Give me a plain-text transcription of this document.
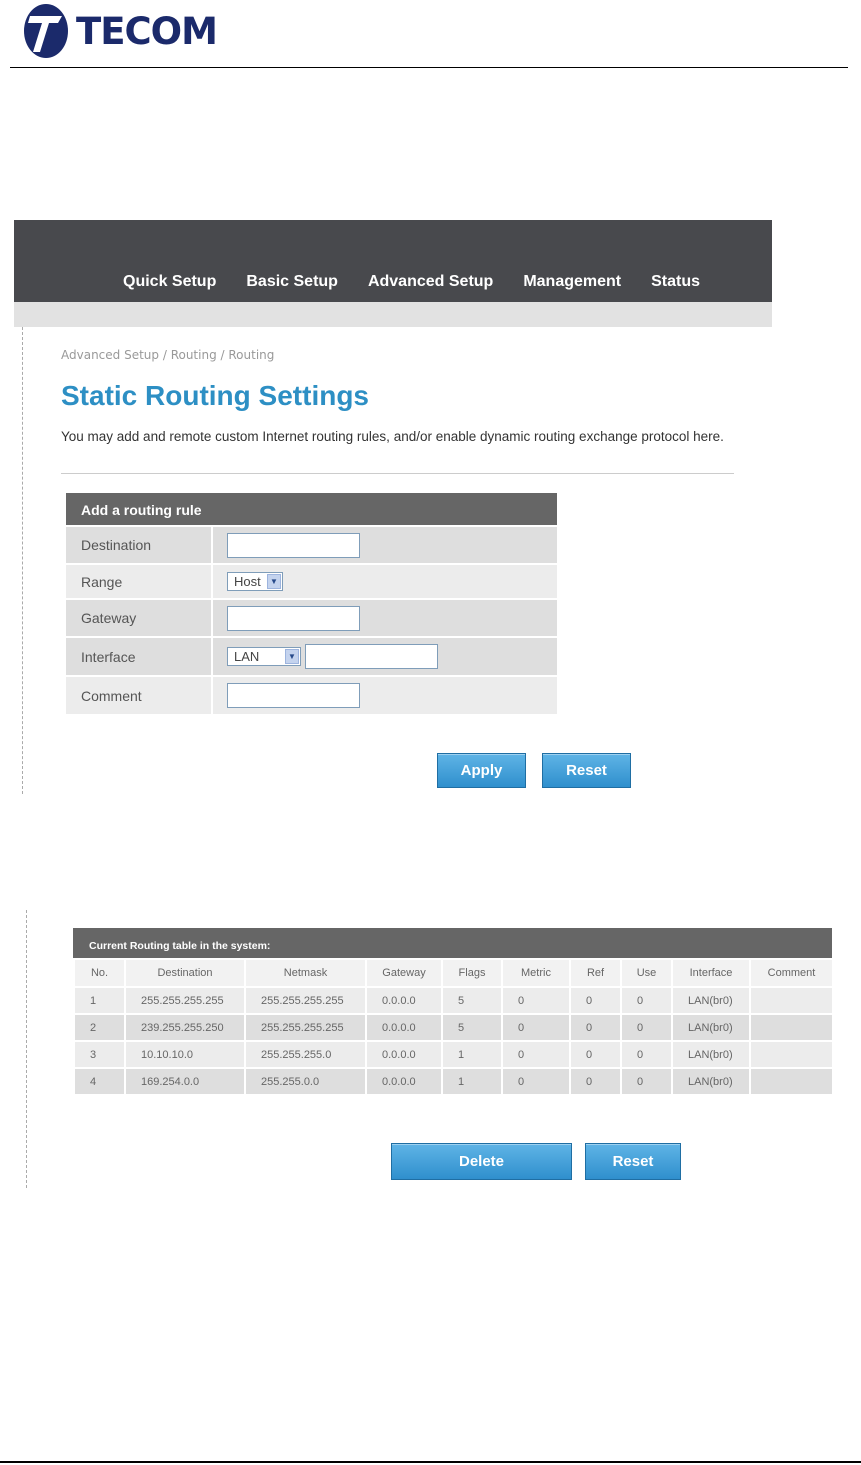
TECOM
Quick Setup Basic Setup Advanced Setup Management Status
Advanced Setup / Routing / Routing
Static Routing Settings
You may add and remote custom Internet routing rules, and/or enable dynamic routing exchange protocol here.
Add a routing rule
Destination
Range	Host	▼
Gateway
Interface	LAN	▼
Comment
Apply	Reset
Current Routing table in the system:
No.	Destination	Netmask	Gateway	Flags	Metric	Ref	Use	Interface	Comment
1	255.255.255.255	255.255.255.255	0.0.0.0	5	0	0	0	LAN(br0)	
2	239.255.255.250	255.255.255.255	0.0.0.0	5	0	0	0	LAN(br0)	
3	10.10.10.0	255.255.255.0	0.0.0.0	1	0	0	0	LAN(br0)	
4	169.254.0.0	255.255.0.0	0.0.0.0	1	0	0	0	LAN(br0)	
Delete	Reset
